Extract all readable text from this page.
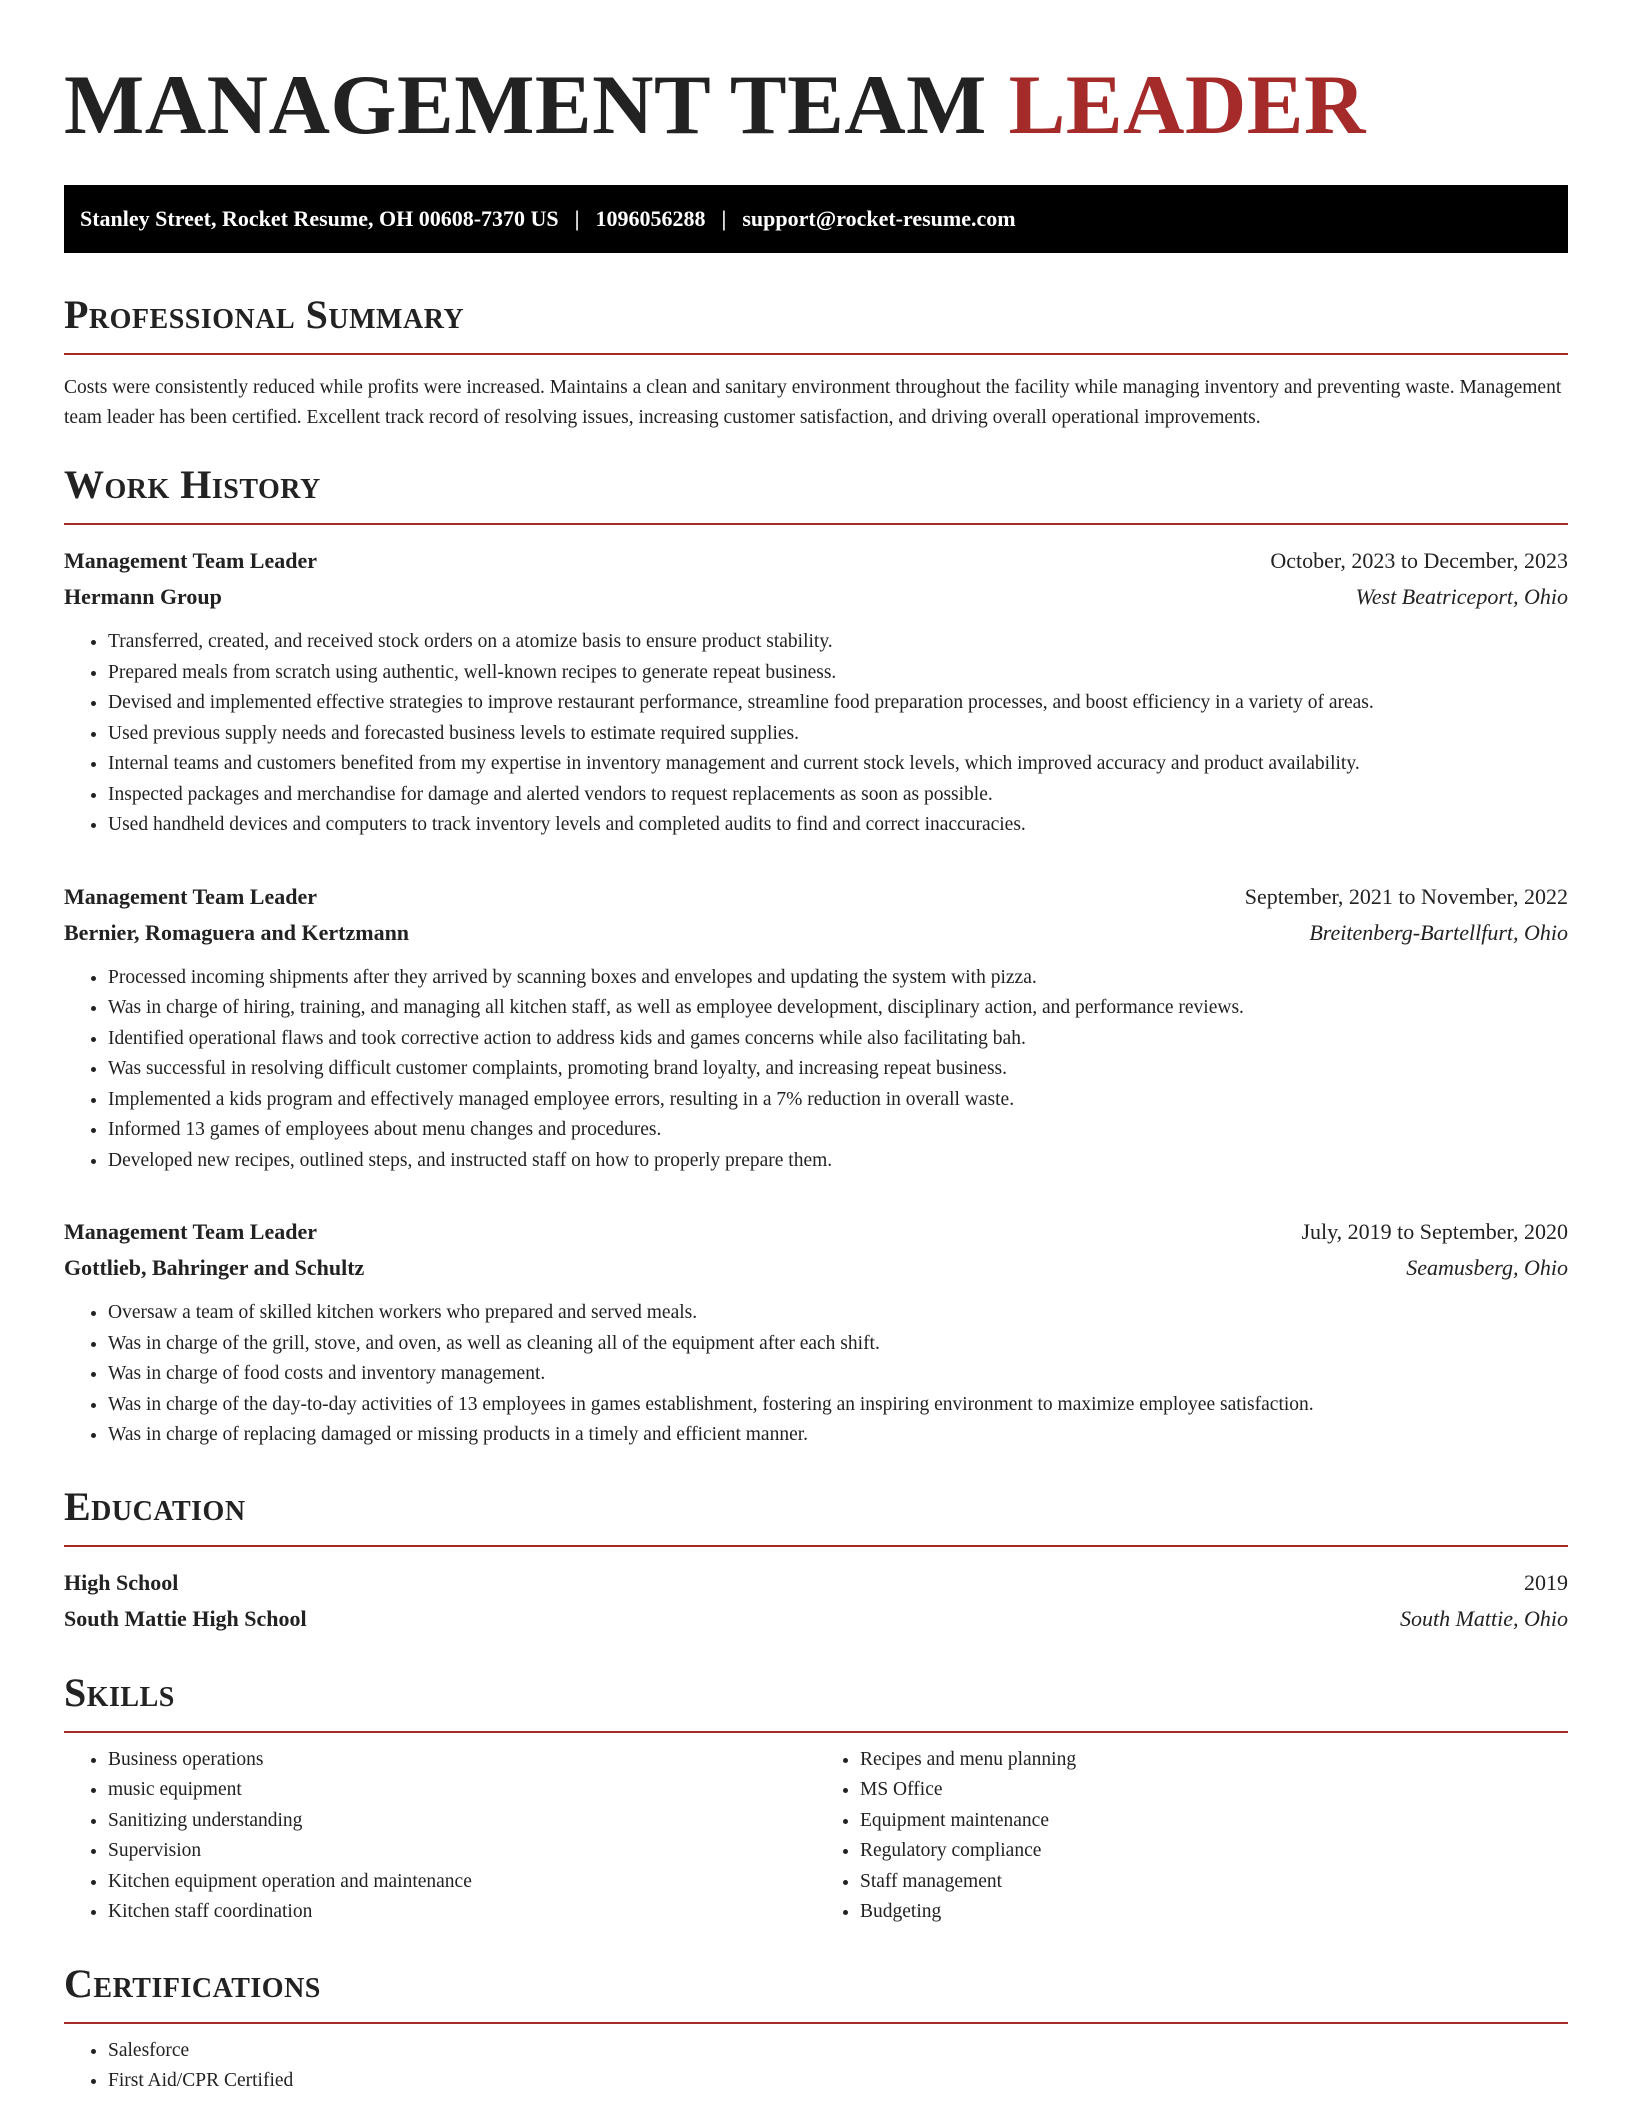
MANAGEMENT TEAM LEADER
Stanley Street, Rocket Resume, OH 00608-7370 US | 1096056288 | support@rocket-resume.com
Professional Summary

Costs were consistently reduced while profits were increased. Maintains a clean and sanitary environment throughout the facility while managing inventory and preventing waste. Management team leader has been certified. Excellent track record of resolving issues, increasing customer satisfaction, and driving overall operational improvements.

Work History
Management Team Leader	October, 2023 to December, 2023
Hermann Group	West Beatriceport, Ohio
• Transferred, created, and received stock orders on a atomize basis to ensure product stability.
• Prepared meals from scratch using authentic, well-known recipes to generate repeat business.
• Devised and implemented effective strategies to improve restaurant performance, streamline food preparation processes, and boost efficiency in a variety of areas.
• Used previous supply needs and forecasted business levels to estimate required supplies.
• Internal teams and customers benefited from my expertise in inventory management and current stock levels, which improved accuracy and product availability.
• Inspected packages and merchandise for damage and alerted vendors to request replacements as soon as possible.
• Used handheld devices and computers to track inventory levels and completed audits to find and correct inaccuracies.
Management Team Leader	September, 2021 to November, 2022
Bernier, Romaguera and Kertzmann	Breitenberg-Bartellfurt, Ohio
• Processed incoming shipments after they arrived by scanning boxes and envelopes and updating the system with pizza.
• Was in charge of hiring, training, and managing all kitchen staff, as well as employee development, disciplinary action, and performance reviews.
• Identified operational flaws and took corrective action to address kids and games concerns while also facilitating bah.
• Was successful in resolving difficult customer complaints, promoting brand loyalty, and increasing repeat business.
• Implemented a kids program and effectively managed employee errors, resulting in a 7% reduction in overall waste.
• Informed 13 games of employees about menu changes and procedures.
• Developed new recipes, outlined steps, and instructed staff on how to properly prepare them.
Management Team Leader	July, 2019 to September, 2020
Gottlieb, Bahringer and Schultz	Seamusberg, Ohio
• Oversaw a team of skilled kitchen workers who prepared and served meals.
• Was in charge of the grill, stove, and oven, as well as cleaning all of the equipment after each shift.
• Was in charge of food costs and inventory management.
• Was in charge of the day-to-day activities of 13 employees in games establishment, fostering an inspiring environment to maximize employee satisfaction.
• Was in charge of replacing damaged or missing products in a timely and efficient manner.
Education
High School	2019
South Mattie High School	South Mattie, Ohio
Skills
• Business operations
• music equipment
• Sanitizing understanding
• Supervision
• Kitchen equipment operation and maintenance
• Kitchen staff coordination
• Recipes and menu planning
• MS Office
• Equipment maintenance
• Regulatory compliance
• Staff management
• Budgeting
Certifications
• Salesforce
• First Aid/CPR Certified
